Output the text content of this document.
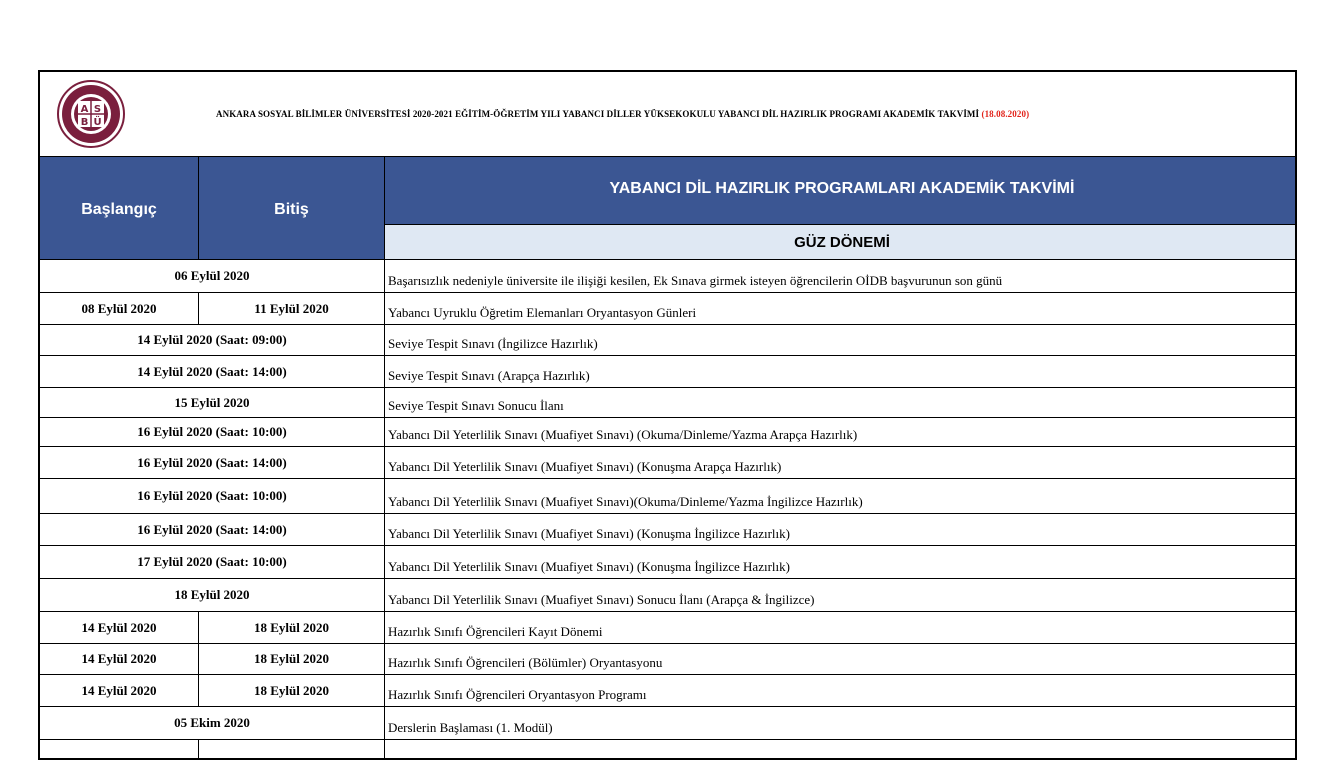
A S
B Ü
ANKARA SOSYAL BİLİMLER ÜNİVERSİTESİ 2020-2021 EĞİTİM-ÖĞRETİM YILI YABANCI DİLLER YÜKSEKOKULU YABANCI DİL HAZIRLIK PROGRAMI AKADEMİK TAKVİMİ (18.08.2020)
Başlangıç	Bitiş
YABANCI DİL HAZIRLIK PROGRAMLARI AKADEMİK TAKVİMİ
GÜZ DÖNEMİ
06 Eylül 2020	Başarısızlık nedeniyle üniversite ile ilişiği kesilen, Ek Sınava girmek isteyen öğrencilerin OİDB başvurunun son günü
08 Eylül 2020	11 Eylül 2020	Yabancı Uyruklu Öğretim Elemanları Oryantasyon Günleri
14 Eylül 2020 (Saat: 09:00)	Seviye Tespit Sınavı (İngilizce Hazırlık)
14 Eylül 2020 (Saat: 14:00)	Seviye Tespit Sınavı (Arapça Hazırlık)
15 Eylül 2020	Seviye Tespit Sınavı Sonucu İlanı
16 Eylül 2020 (Saat: 10:00)	Yabancı Dil Yeterlilik Sınavı (Muafiyet Sınavı) (Okuma/Dinleme/Yazma Arapça Hazırlık)
16 Eylül 2020 (Saat: 14:00)	Yabancı Dil Yeterlilik Sınavı (Muafiyet Sınavı) (Konuşma Arapça Hazırlık)
16 Eylül 2020 (Saat: 10:00)	Yabancı Dil Yeterlilik Sınavı (Muafiyet Sınavı)(Okuma/Dinleme/Yazma İngilizce Hazırlık)
16 Eylül 2020 (Saat: 14:00)	Yabancı Dil Yeterlilik Sınavı (Muafiyet Sınavı) (Konuşma İngilizce Hazırlık)
17 Eylül 2020 (Saat: 10:00)	Yabancı Dil Yeterlilik Sınavı (Muafiyet Sınavı) (Konuşma İngilizce Hazırlık)
18 Eylül 2020	Yabancı Dil Yeterlilik Sınavı (Muafiyet Sınavı) Sonucu İlanı (Arapça & İngilizce)
14 Eylül 2020	18 Eylül 2020	Hazırlık Sınıfı Öğrencileri Kayıt Dönemi
14 Eylül 2020	18 Eylül 2020	Hazırlık Sınıfı Öğrencileri (Bölümler) Oryantasyonu
14 Eylül 2020	18 Eylül 2020	Hazırlık Sınıfı Öğrencileri Oryantasyon Programı
05 Ekim 2020	Derslerin Başlaması (1. Modül)
